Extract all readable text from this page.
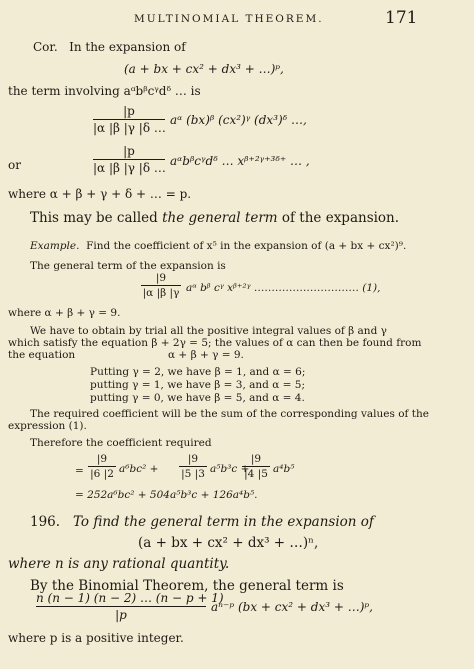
MULTINOMIAL THEOREM.	171
Cor. In the expansion of
(a + bx + cx² + dx³ + …)ᵖ,
the term involving aᵅbᵝcᵞdᵟ … is
|p
|α |β |γ |δ …
aᵅ (bx)ᵝ (cx²)ᵞ (dx³)ᵟ …,
or
|p
|α |β |γ |δ … aᵅbᵝcᵞdᵟ … xᵝ⁺²ᵞ⁺³ᵟ⁺ … ,
where α + β + γ + δ + … = p.
This may be called the general term of the expansion.
Example. Find the coefficient of x⁵ in the expansion of (a + bx + cx²)⁹.
The general term of the expansion is
|9
|α |β |γ aᵅ bᵝ cᵞ xᵝ⁺²ᵞ ………………………… (1),
where α + β + γ = 9.
We have to obtain by trial all the positive integral values of β and γ
which satisfy the equation β + 2γ = 5; the values of α can then be found from
the equation	α + β + γ = 9.
Putting γ = 2, we have β = 1, and α = 6;
putting γ = 1, we have β = 3, and α = 5;
putting γ = 0, we have β = 5, and α = 4.
The required coefficient will be the sum of the corresponding values of the
expression (1).
Therefore the coefficient required
=
|9
|6 |2 a⁶bc² +
|9
|5 |3 a⁵b³c +
|9
|4 |5 a⁴b⁵
= 252a⁶bc² + 504a⁵b³c + 126a⁴b⁵.
196. To find the general term in the expansion of
(a + bx + cx² + dx³ + …)ⁿ,
where n is any rational quantity.
By the Binomial Theorem, the general term is
n (n − 1) (n − 2) … (n − p + 1)
|p
aⁿ⁻ᵖ (bx + cx² + dx³ + …)ᵖ,
where p is a positive integer.
